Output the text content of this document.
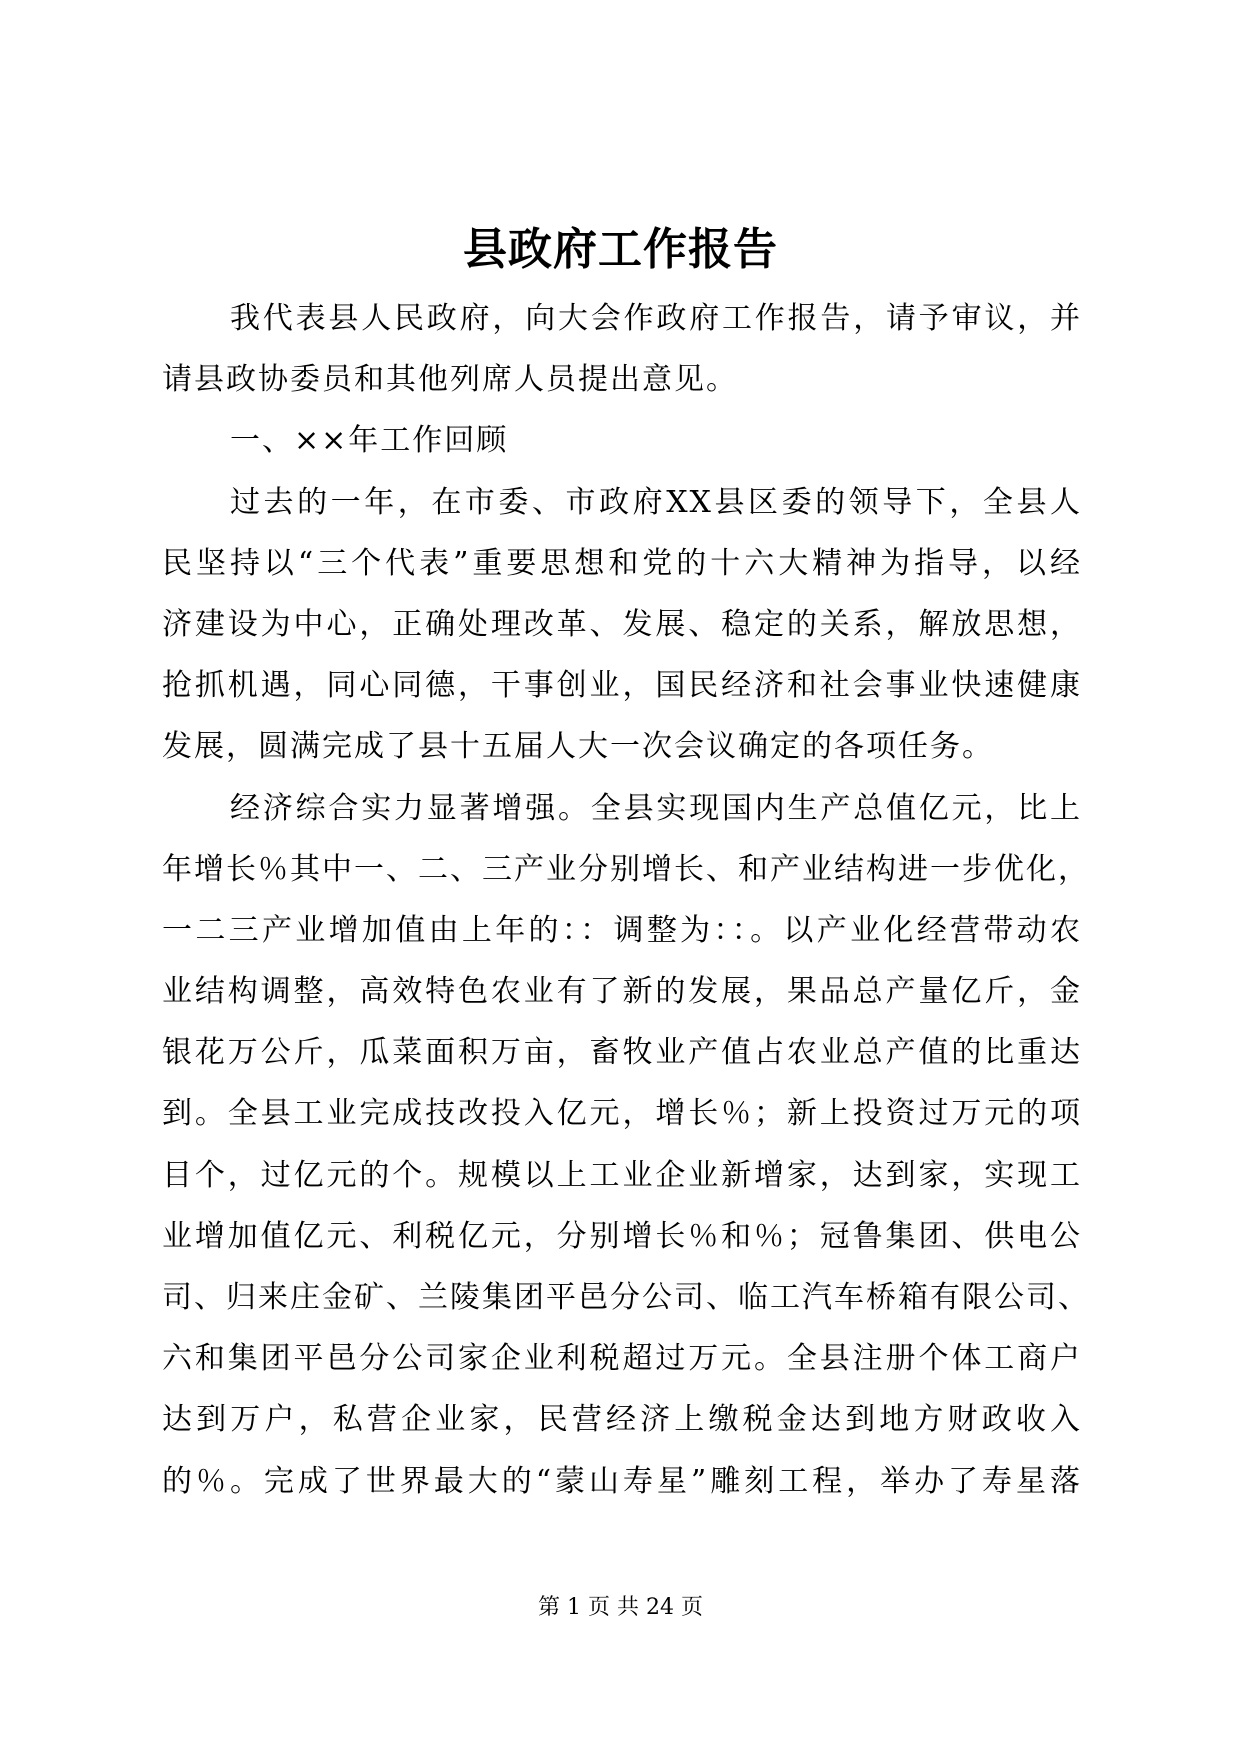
县政府工作报告
我代表县人民政府，向大会作政府工作报告，请予审议，并
请县政协委员和其他列席人员提出意见。
一、××年工作回顾
过去的一年，在市委、市政府XX县区委的领导下，全县人
民坚持以“三个代表”重要思想和党的十六大精神为指导，以经
济建设为中心，正确处理改革、发展、稳定的关系，解放思想，
抢抓机遇，同心同德，干事创业，国民经济和社会事业快速健康
发展，圆满完成了县十五届人大一次会议确定的各项任务。
经济综合实力显著增强。全县实现国内生产总值亿元，比上
年增长％其中一、二、三产业分别增长、和产业结构进一步优化，
一二三产业增加值由上年的：：调整为：：。以产业化经营带动农
业结构调整，高效特色农业有了新的发展，果品总产量亿斤，金
银花万公斤，瓜菜面积万亩，畜牧业产值占农业总产值的比重达
到。全县工业完成技改投入亿元，增长％；新上投资过万元的项
目个，过亿元的个。规模以上工业企业新增家，达到家，实现工
业增加值亿元、利税亿元，分别增长％和％；冠鲁集团、供电公
司、归来庄金矿、兰陵集团平邑分公司、临工汽车桥箱有限公司、
六和集团平邑分公司家企业利税超过万元。全县注册个体工商户
达到万户，私营企业家，民营经济上缴税金达到地方财政收入
的％。完成了世界最大的“蒙山寿星”雕刻工程，举办了寿星落
第 1 页 共 24 页
